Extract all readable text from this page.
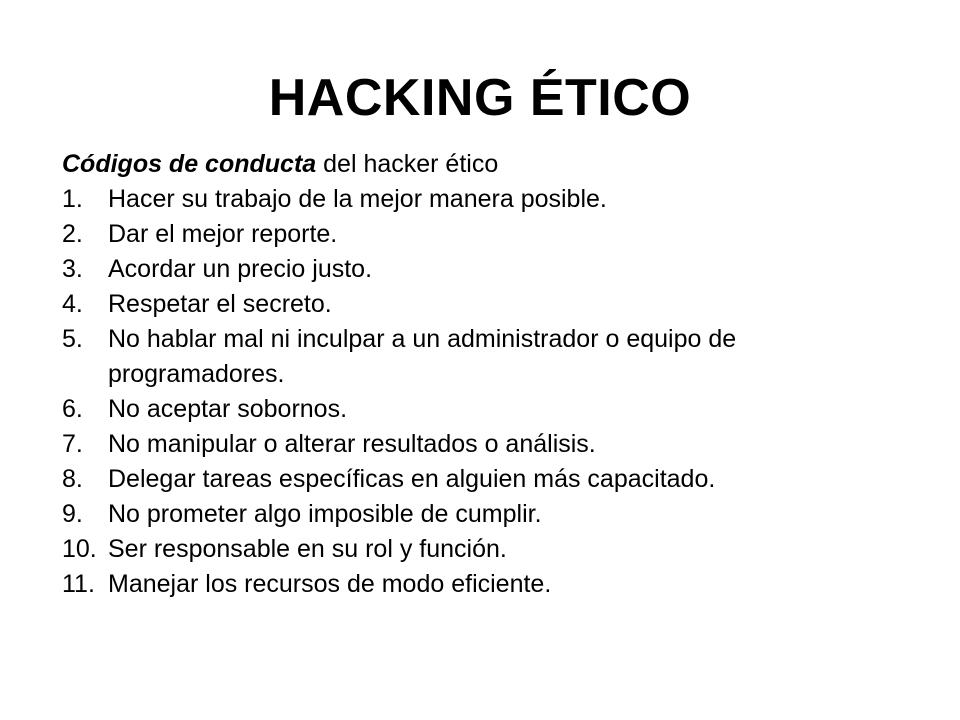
HACKING ÉTICO

Códigos de conducta del hacker ético

1.	Hacer su trabajo de la mejor manera posible.
2.	Dar el mejor reporte.
3.	Acordar un precio justo.
4.	Respetar el secreto.
5.	No hablar mal ni inculpar a un administrador o equipo de programadores.
6.	No aceptar sobornos.
7.	No manipular o alterar resultados o análisis.
8.	Delegar tareas específicas en alguien más capacitado.
9.	No prometer algo imposible de cumplir.
10. Ser responsable en su rol y función.
11. Manejar los recursos de modo eficiente.
